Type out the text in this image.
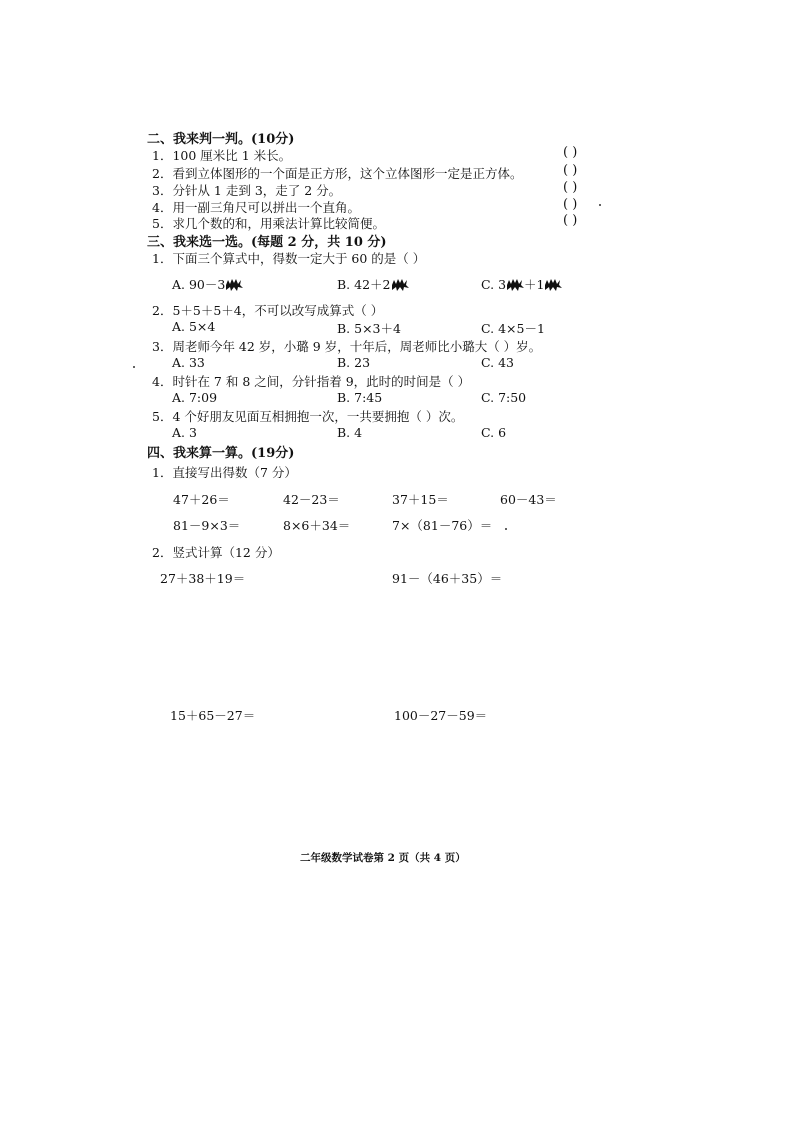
二、我来判一判。(10分)
1．100 厘米比 1 米长。	( )
2．看到立体图形的一个面是正方形，这个立体图形一定是正方体。	( )
3．分针从 1 走到 3，走了 2 分。	( )
4．用一副三角尺可以拼出一个直角。	( )
5．求几个数的和，用乘法计算比较简便。	( )
三、我来选一选。(每题 2 分，共 10 分)
1．下面三个算式中，得数一定大于 60 的是（ ）
A. 90－3	B. 42＋2	C. 3 ＋1
2．5＋5＋5＋4，不可以改写成算式（ ）
A. 5×4	B. 5×3＋4	C. 4×5－1
3．周老师今年 42 岁，小璐 9 岁，十年后，周老师比小璐大（ ）岁。
A. 33	B. 23	C. 43
4．时针在 7 和 8 之间，分针指着 9，此时的时间是（ ）
A. 7:09	B. 7:45	C. 7:50
5．4 个好朋友见面互相拥抱一次，一共要拥抱（ ）次。
A. 3	B. 4	C. 6
四、我来算一算。(19分)
1．直接写出得数（7 分）
47＋26＝	42－23＝	37＋15＝	60－43＝
81－9×3＝	8×6＋34＝	7×（81－76）＝
2．竖式计算（12 分）
27＋38＋19＝	91－（46＋35）＝
15＋65－27＝	100－27－59＝
二年级数学试卷第 2 页（共 4 页）
